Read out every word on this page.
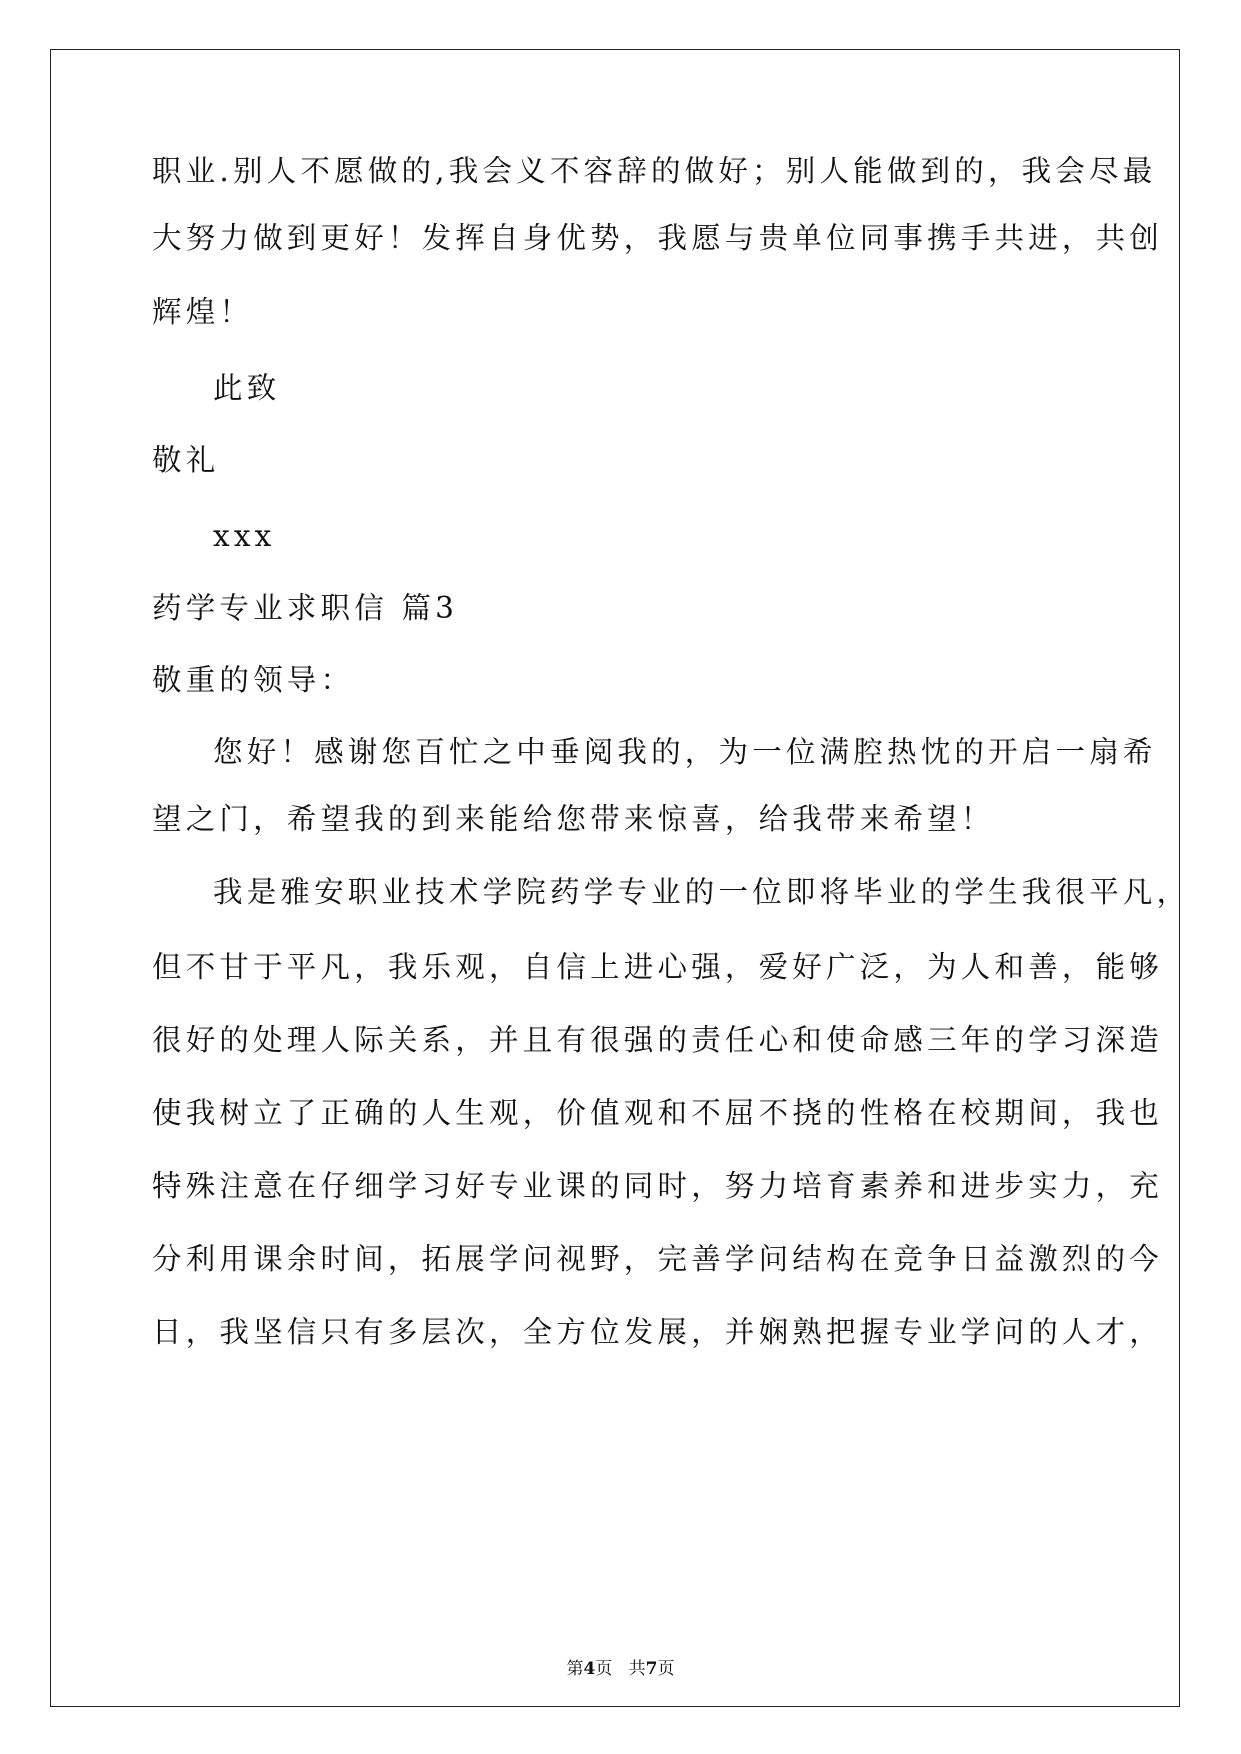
职业.别人不愿做的,我会义不容辞的做好；别人能做到的，我会尽最
大努力做到更好！发挥自身优势，我愿与贵单位同事携手共进，共创
辉煌！
此致
敬礼
xxx
药学专业求职信 篇3
敬重的领导：
您好！感谢您百忙之中垂阅我的，为一位满腔热忱的开启一扇希
望之门，希望我的到来能给您带来惊喜，给我带来希望！
我是雅安职业技术学院药学专业的一位即将毕业的学生我很平凡，
但不甘于平凡，我乐观，自信上进心强，爱好广泛，为人和善，能够
很好的处理人际关系，并且有很强的责任心和使命感三年的学习深造
使我树立了正确的人生观，价值观和不屈不挠的性格在校期间，我也
特殊注意在仔细学习好专业课的同时，努力培育素养和进步实力，充
分利用课余时间，拓展学问视野，完善学问结构在竞争日益激烈的今
日，我坚信只有多层次，全方位发展，并娴熟把握专业学问的人才，
第4页 共7页
